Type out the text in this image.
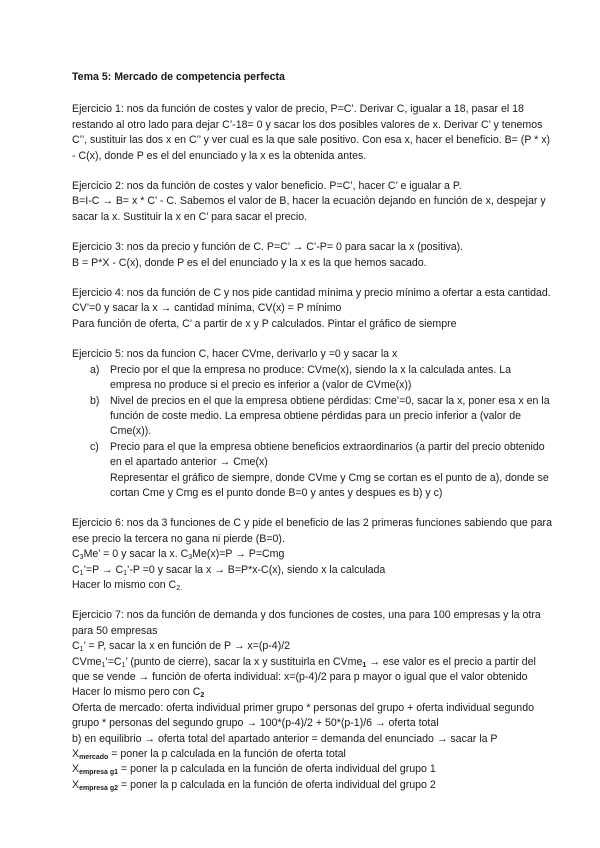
Tema 5: Mercado de competencia perfecta

Ejercicio 1: nos da función de costes y valor de precio, P=C’. Derivar C, igualar a 18, pasar el 18 restando al otro lado para dejar C’-18= 0 y sacar los dos posibles valores de x. Derivar C’ y tenemos C’’, sustituir las dos x en C’’ y ver cual es la que sale positivo. Con esa x, hacer el beneficio. B= (P * x) - C(x), donde P es el del enunciado y la x es la obtenida antes.

Ejercicio 2: nos da función de costes y valor beneficio. P=C’, hacer C’ e igualar a P.

B=I-C → B= x * C’ - C. Sabemos el valor de B, hacer la ecuación dejando en función de x, despejar y sacar la x. Sustituir la x en C’ para sacar el precio.

Ejercicio 3: nos da precio y función de C. P=C’ → C’-P= 0 para sacar la x (positiva).

B = P*X - C(x), donde P es el del enunciado y la x es la que hemos sacado.

Ejercicio 4: nos da función de C y nos pide cantidad mínima y precio mínimo a ofertar a esta cantidad. CV’=0 y sacar la x → cantidad mínima, CV(x) = P mínimo

Para función de oferta, C’ a partir de x y P calculados. Pintar el gráfico de siempre

Ejercicio 5: nos da funcion C, hacer CVme, derivarlo y =0 y sacar la x

a) Precio por el que la empresa no produce: CVme(x), siendo la x la calculada antes. La empresa no produce si el precio es inferior a (valor de CVme(x))
b) Nivel de precios en el que la empresa obtiene pérdidas: Cme’=0, sacar la x, poner esa x en la función de coste medio. La empresa obtiene pérdidas para un precio inferior a (valor de Cme(x)).
c) Precio para el que la empresa obtiene beneficios extraordinarios (a partir del precio obtenido en el apartado anterior → Cme(x)
Representar el gráfico de siempre, donde CVme y Cmg se cortan es el punto de a), donde se cortan Cme y Cmg es el punto donde B=0 y antes y despues es b) y c)

Ejercicio 6: nos da 3 funciones de C y pide el beneficio de las 2 primeras funciones sabiendo que para ese precio la tercera no gana ni pierde (B=0).

$C_3Me$’ = 0 y sacar la x. $C_3Me(x)=P \to P=Cmg$

$C_1’=P$ → $C_1’-P =0$ y sacar la x → B=P*x-C(x), siendo x la calculada

Hacer lo mismo con $C_{2.}$

Ejercicio 7: nos da función de demanda y dos funciones de costes, una para 100 empresas y la otra para 50 empresas

$C_1$’ = P, sacar la x en función de P → x=(p-4)/2

$CVme_1’=C_1$’ (punto de cierre), sacar la x y sustituirla en CVme$_1$ → ese valor es el precio a partir del que se vende → función de oferta individual: x=(p-4)/2 para p mayor o igual que el valor obtenido

Hacer lo mismo pero con $C_2$

Oferta de mercado: oferta individual primer grupo * personas del grupo + oferta individual segundo grupo * personas del segundo grupo → 100*(p-4)/2 + 50*(p-1)/6 → oferta total

b) en equilibrio → oferta total del apartado anterior = demanda del enunciado → sacar la P

$X_{mercado}$ = poner la p calculada en la función de oferta total

$X_{empresa g1}$ = poner la p calculada en la función de oferta individual del grupo 1

$X_{empresa g2}$ = poner la p calculada en la función de oferta individual del grupo 2
